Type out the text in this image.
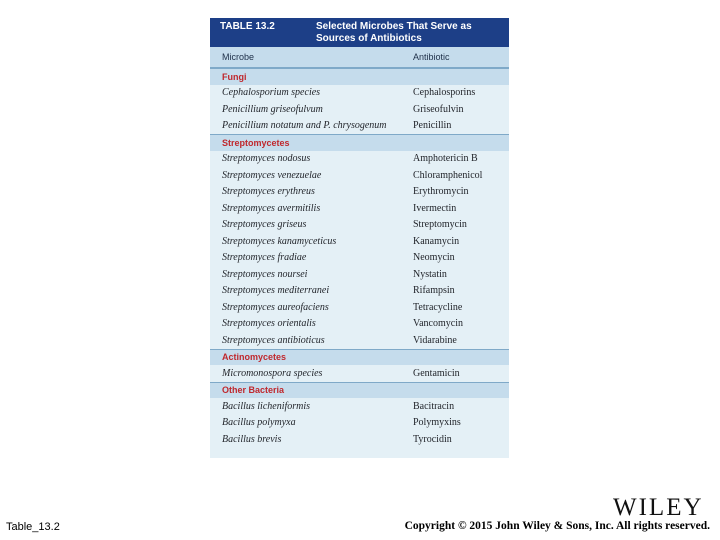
TABLE 13.2	Selected Microbes That Serve as Sources of Antibiotics
Microbe	Antibiotic
Fungi
Cephalosporium species	Cephalosporins
Penicillium griseofulvum	Griseofulvin
Penicillium notatum and P. chrysogenum	Penicillin
Streptomycetes
Streptomyces nodosus	Amphotericin B
Streptomyces venezuelae	Chloramphenicol
Streptomyces erythreus	Erythromycin
Streptomyces avermitilis	Ivermectin
Streptomyces griseus	Streptomycin
Streptomyces kanamyceticus	Kanamycin
Streptomyces fradiae	Neomycin
Streptomyces noursei	Nystatin
Streptomyces mediterranei	Rifampsin
Streptomyces aureofaciens	Tetracycline
Streptomyces orientalis	Vancomycin
Streptomyces antibioticus	Vidarabine
Actinomycetes
Micromonospora species	Gentamicin
Other Bacteria
Bacillus licheniformis	Bacitracin
Bacillus polymyxa	Polymyxins
Bacillus brevis	Tyrocidin
WILEY
Table_13.2	Copyright © 2015 John Wiley & Sons, Inc. All rights reserved.
